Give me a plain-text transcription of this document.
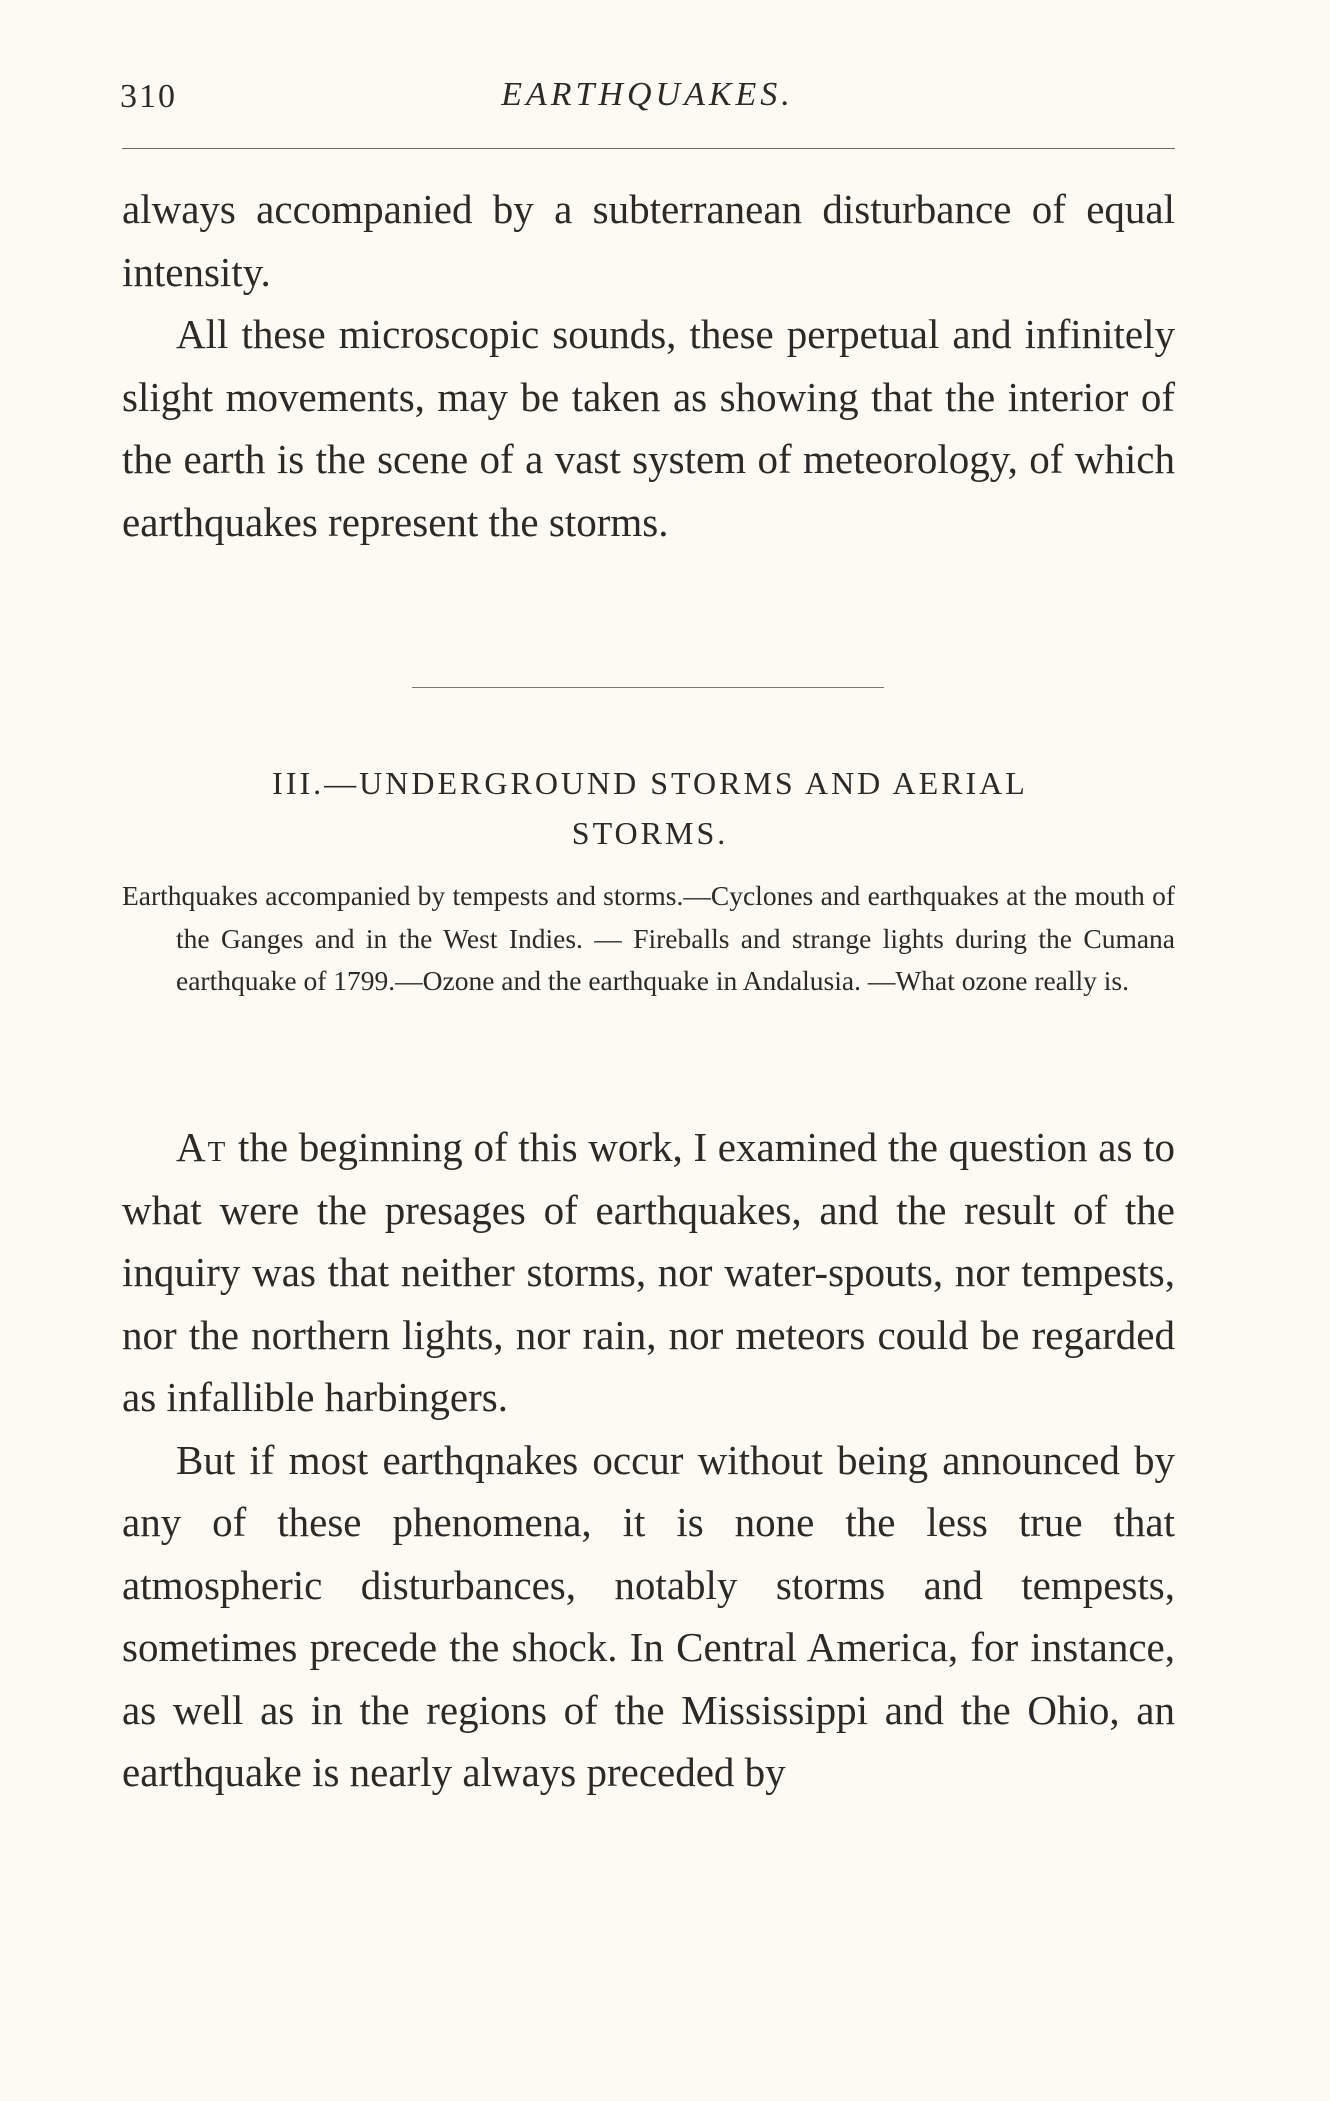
310	EARTHQUAKES.

always accompanied by a subterranean disturbance of equal intensity.

All these microscopic sounds, these perpetual and infinitely slight movements, may be taken as showing that the interior of the earth is the scene of a vast system of meteorology, of which earthquakes represent the storms.

III.—UNDERGROUND STORMS AND AERIAL
STORMS.
Earthquakes accompanied by tempests and storms.—Cyclones and earthquakes at the mouth of the Ganges and in the West Indies. — Fireballs and strange lights during the Cumana earthquake of 1799.—Ozone and the earthquake in Andalusia. —What ozone really is.

At the beginning of this work, I examined the question as to what were the presages of earthquakes, and the result of the inquiry was that neither storms, nor water-spouts, nor tempests, nor the northern lights, nor rain, nor meteors could be regarded as infallible harbingers.

But if most earthqnakes occur without being announced by any of these phenomena, it is none the less true that atmospheric disturbances, notably storms and tempests, sometimes precede the shock. In Central America, for instance, as well as in the regions of the Mississippi and the Ohio, an earthquake is nearly always preceded by
